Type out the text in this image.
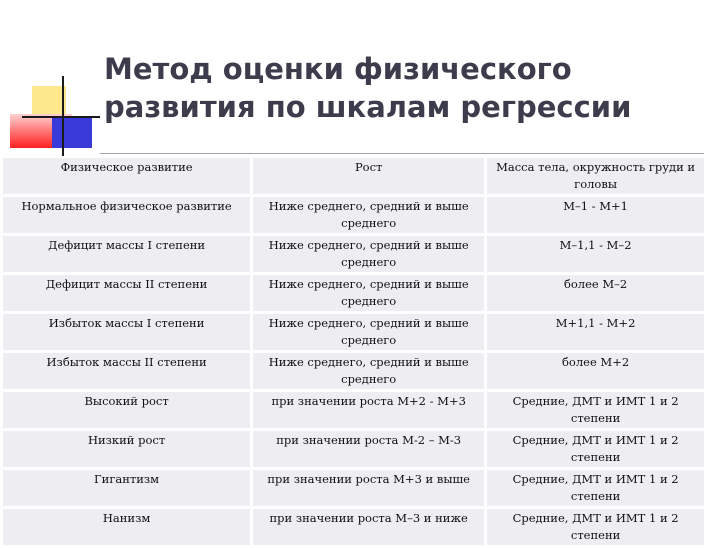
Метод оценки физического
развития по шкалам регрессии
Физическое развитие	Рост	Масса тела, окружность груди и головы
Нормальное физическое развитие	Ниже среднего, средний и выше среднего	М–1 - М+1
Дефицит массы I степени	Ниже среднего, средний и выше среднего	М–1,1 - М–2
Дефицит массы II степени	Ниже среднего, средний и выше среднего	более М–2
Избыток массы I степени	Ниже среднего, средний и выше среднего	М+1,1 - М+2
Избыток массы II степени	Ниже среднего, средний и выше среднего	более М+2
Высокий рост	при значении роста М+2 - М+3	Средние, ДМТ и ИМТ 1 и 2 степени
Низкий рост	при значении роста М-2 – М-3	Средние, ДМТ и ИМТ 1 и 2 степени
Гигантизм	при значении роста М+3 и выше	Средние, ДМТ и ИМТ 1 и 2 степени
Нанизм	при значении роста М–3 и ниже	Средние, ДМТ и ИМТ 1 и 2 степени
